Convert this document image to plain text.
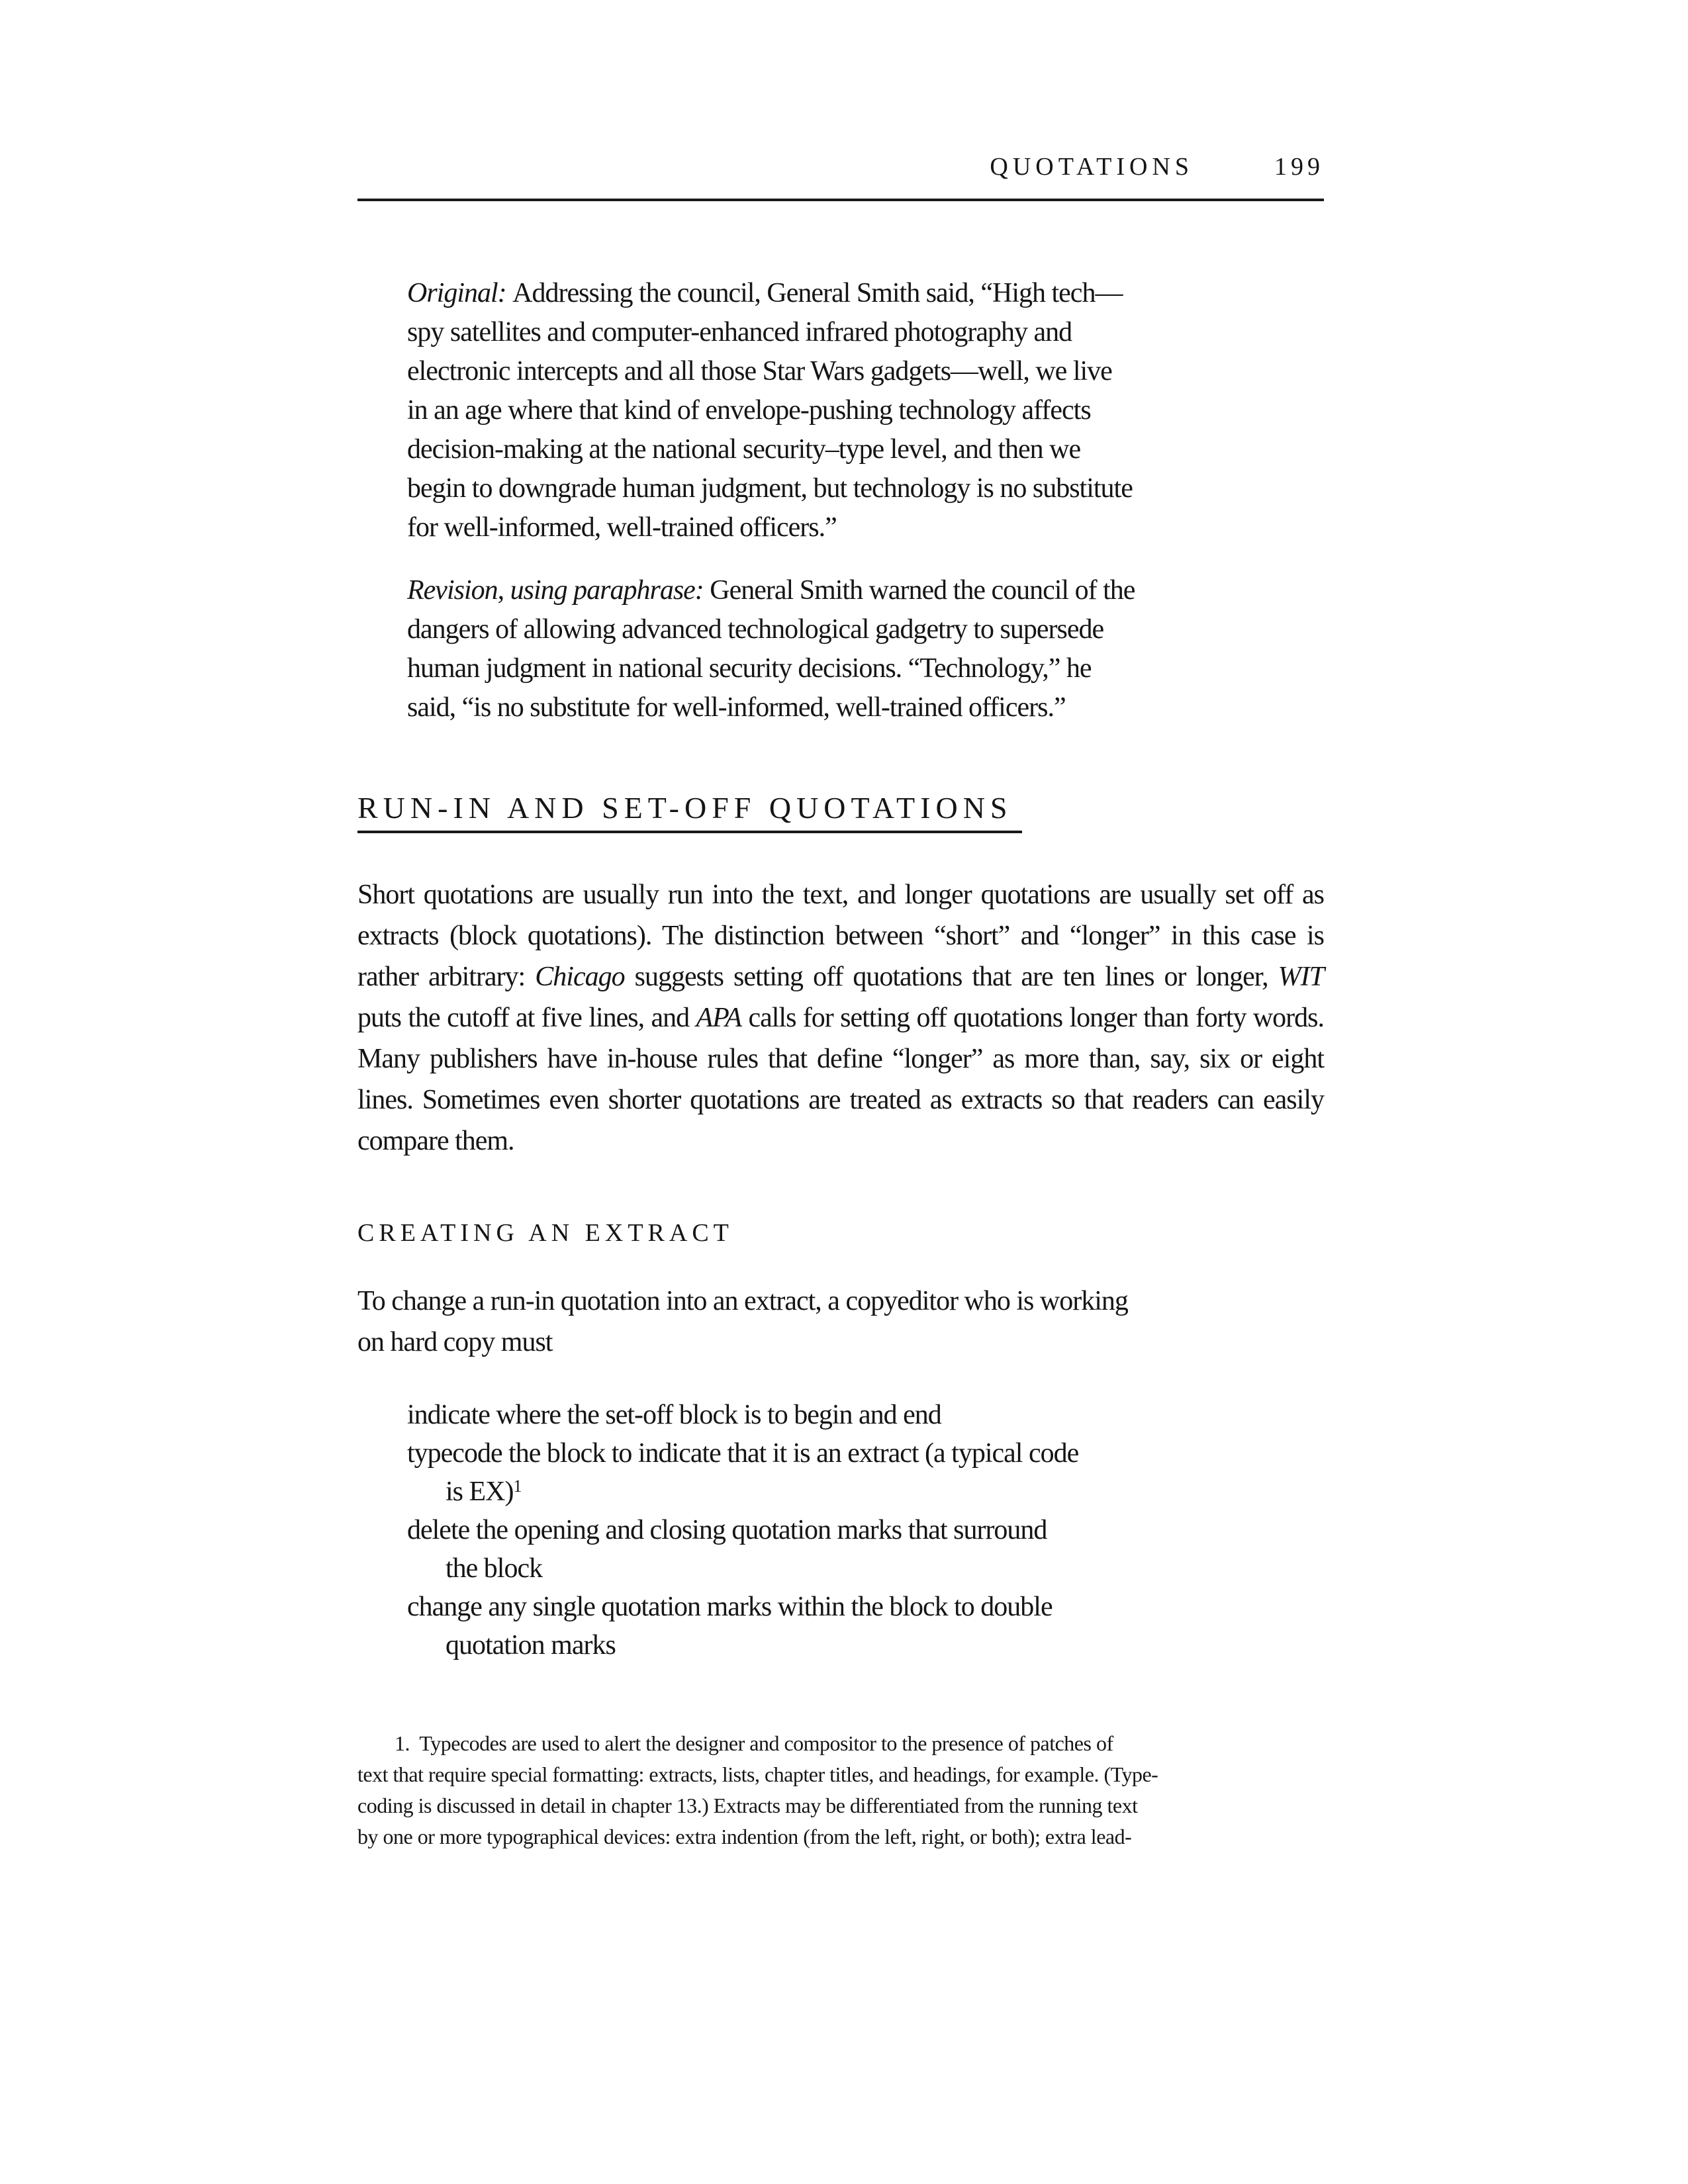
QUOTATIONS	199

Original: Addressing the council, General Smith said, “High tech—
spy satellites and computer-enhanced infrared photography and
electronic intercepts and all those Star Wars gadgets—well, we live
in an age where that kind of envelope-pushing technology affects
decision-making at the national security–type level, and then we
begin to downgrade human judgment, but technology is no substitute
for well-informed, well-trained officers.”

Revision, using paraphrase: General Smith warned the council of the
dangers of allowing advanced technological gadgetry to supersede
human judgment in national security decisions. “Technology,” he
said, “is no substitute for well-informed, well-trained officers.”

RUN-IN AND SET-OFF QUOTATIONS

Short quotations are usually run into the text, and longer quotations are usually set off as extracts (block quotations). The distinction between “short” and “longer” in this case is rather arbitrary: Chicago suggests setting off quotations that are ten lines or longer, WIT puts the cutoff at five lines, and APA calls for setting off quotations longer than forty words. Many publishers have in-house rules that define “longer” as more than, say, six or eight lines. Sometimes even shorter quotations are treated as extracts so that readers can easily compare them.

CREATING AN EXTRACT

To change a run-in quotation into an extract, a copyeditor who is working
on hard copy must

indicate where the set-off block is to begin and end

typecode the block to indicate that it is an extract (a typical code
is EX)$^1$

delete the opening and closing quotation marks that surround
the block

change any single quotation marks within the block to double
quotation marks

1.  Typecodes are used to alert the designer and compositor to the presence of patches of
text that require special formatting: extracts, lists, chapter titles, and headings, for example. (Type-
coding is discussed in detail in chapter 13.) Extracts may be differentiated from the running text
by one or more typographical devices: extra indention (from the left, right, or both); extra lead-
